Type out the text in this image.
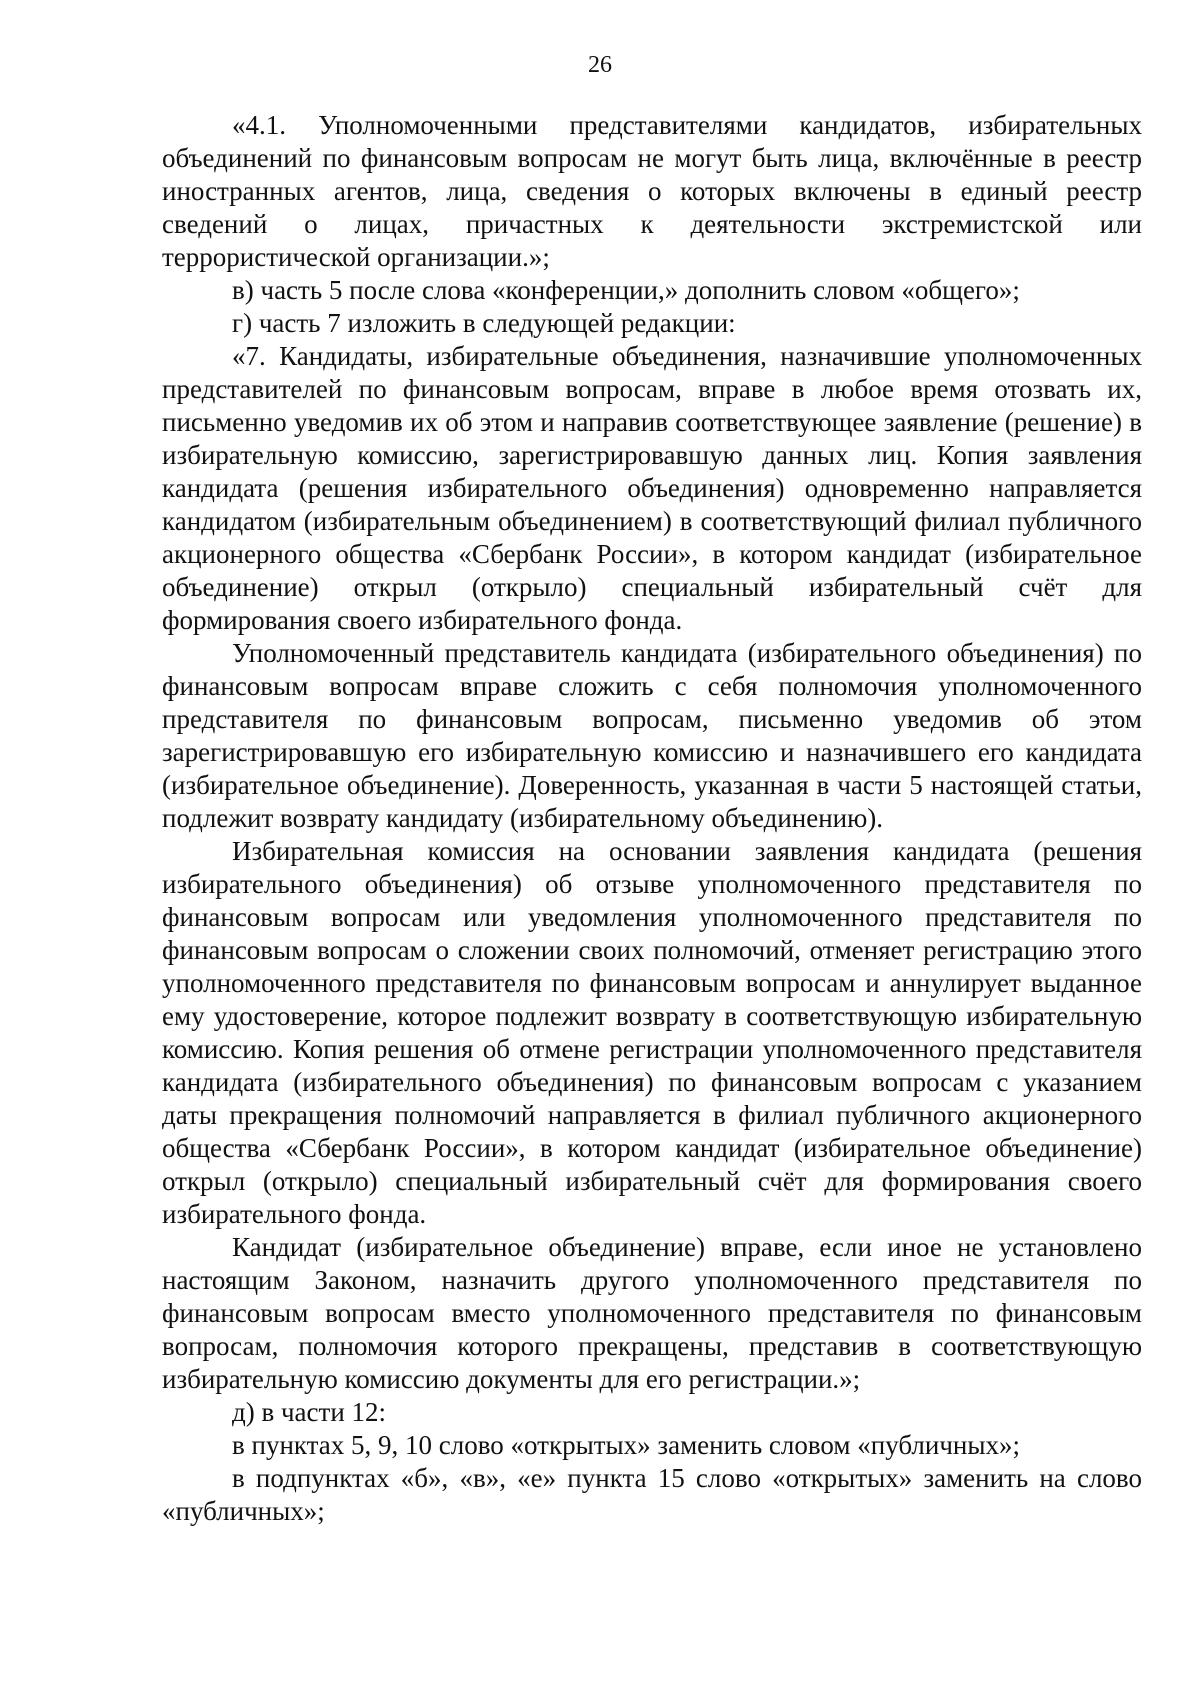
26

«4.1. Уполномоченными представителями кандидатов, избирательных объединений по финансовым вопросам не могут быть лица, включённые в реестр иностранных агентов, лица, сведения о которых включены в единый реестр сведений о лицах, причастных к деятельности экстремистской или террористической организации.»;

в) часть 5 после слова «конференции,» дополнить словом «общего»;

г) часть 7 изложить в следующей редакции:

«7. Кандидаты, избирательные объединения, назначившие уполномоченных представителей по финансовым вопросам, вправе в любое время отозвать их, письменно уведомив их об этом и направив соответствующее заявление (решение) в избирательную комиссию, зарегистрировавшую данных лиц. Копия заявления кандидата (решения избирательного объединения) одновременно направляется кандидатом (избирательным объединением) в соответствующий филиал публичного акционерного общества «Сбербанк России», в котором кандидат (избирательное объединение) открыл (открыло) специальный избирательный счёт для формирования своего избирательного фонда.

Уполномоченный представитель кандидата (избирательного объединения) по финансовым вопросам вправе сложить с себя полномочия уполномоченного представителя по финансовым вопросам, письменно уведомив об этом зарегистрировавшую его избирательную комиссию и назначившего его кандидата (избирательное объединение). Доверенность, указанная в части 5 настоящей статьи, подлежит возврату кандидату (избирательному объединению).

Избирательная комиссия на основании заявления кандидата (решения избирательного объединения) об отзыве уполномоченного представителя по финансовым вопросам или уведомления уполномоченного представителя по финансовым вопросам о сложении своих полномочий, отменяет регистрацию этого уполномоченного представителя по финансовым вопросам и аннулирует выданное ему удостоверение, которое подлежит возврату в соответствующую избирательную комиссию. Копия решения об отмене регистрации уполномоченного представителя кандидата (избирательного объединения) по финансовым вопросам с указанием даты прекращения полномочий направляется в филиал публичного акционерного общества «Сбербанк России», в котором кандидат (избирательное объединение) открыл (открыло) специальный избирательный счёт для формирования своего избирательного фонда.

Кандидат (избирательное объединение) вправе, если иное не установлено настоящим Законом, назначить другого уполномоченного представителя по финансовым вопросам вместо уполномоченного представителя по финансовым вопросам, полномочия которого прекращены, представив в соответствующую избирательную комиссию документы для его регистрации.»;

д) в части 12:

в пунктах 5, 9, 10 слово «открытых» заменить словом «публичных»;

в подпунктах «б», «в», «е» пункта 15 слово «открытых» заменить на слово «публичных»;
